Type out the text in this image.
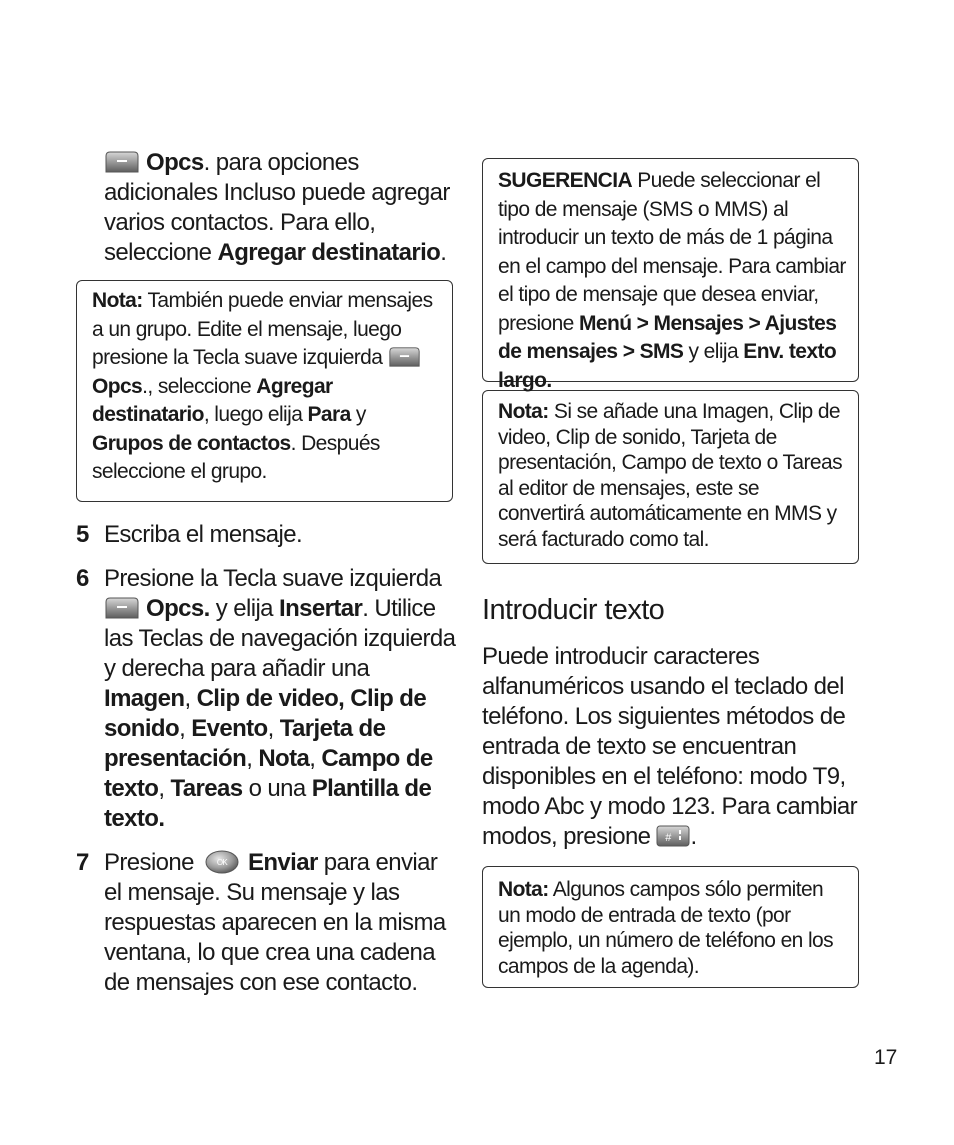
Opcs. para opciones adicionales Incluso puede agregar varios contactos. Para ello, seleccione Agregar destinatario.
Nota: También puede enviar mensajes a un grupo. Edite el mensaje, luego presione la Tecla suave izquierda Opcs., seleccione Agregar destinatario, luego elija Para y Grupos de contactos. Después seleccione el grupo.
5 Escriba el mensaje.
6 Presione la Tecla suave izquierda
Opcs. y elija Insertar. Utilice las Teclas de navegación izquierda y derecha para añadir una Imagen, Clip de video, Clip de sonido, Evento, Tarjeta de presentación, Nota, Campo de texto, Tareas o una Plantilla de texto.
7 Presione	OK Enviar para enviar el mensaje. Su mensaje y las respuestas aparecen en la misma ventana, lo que crea una cadena de mensajes con ese contacto.
SUGERENCIA Puede seleccionar el tipo de mensaje (SMS o MMS) al introducir un texto de más de 1 página en el campo del mensaje. Para cambiar el tipo de mensaje que desea enviar, presione Menú > Mensajes > Ajustes de mensajes > SMS y elija Env. texto largo.
Nota: Si se añade una Imagen, Clip de video, Clip de sonido, Tarjeta de presentación, Campo de texto o Tareas al editor de mensajes, este se convertirá automáticamente en MMS y será facturado como tal.
Introducir texto
Puede introducir caracteres alfanuméricos usando el teclado del teléfono. Los siguientes métodos de entrada de texto se encuentran disponibles en el teléfono: modo T9, modo Abc y modo 123. Para cambiar modos, presione # .
Nota: Algunos campos sólo permiten un modo de entrada de texto (por ejemplo, un número de teléfono en los campos de la agenda).
17
